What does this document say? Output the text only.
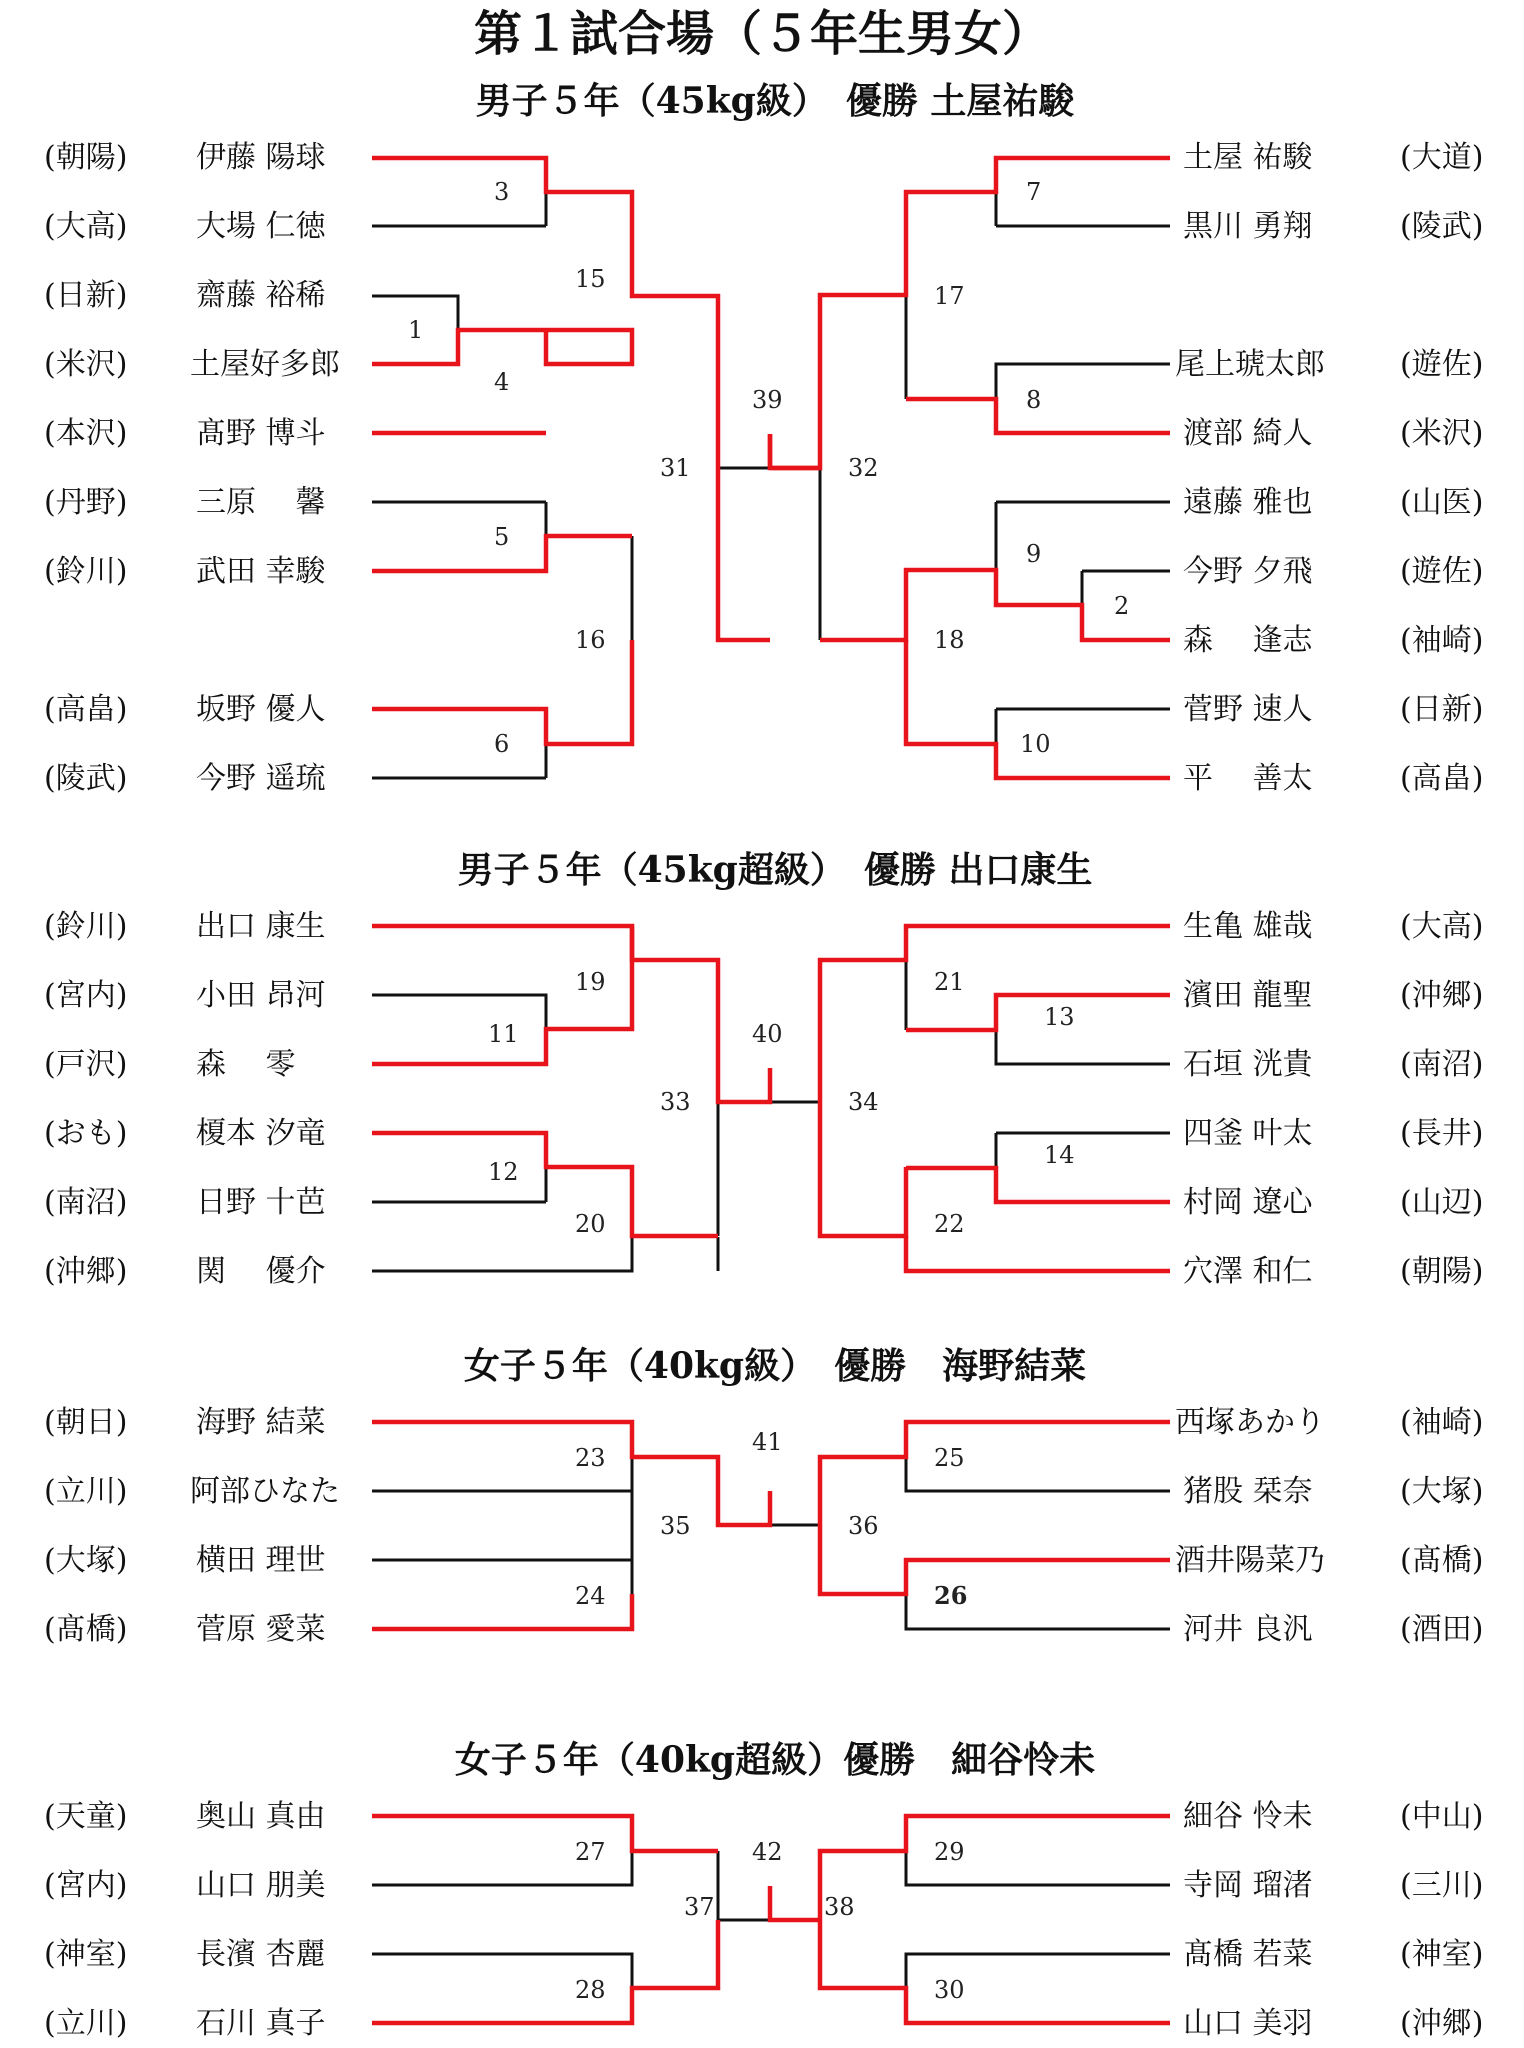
第１試合場（５年生男女）
男子５年（45kg級）　優勝 土屋祐駿
(朝陽) 伊藤 陽球
(大高) 大場 仁徳
(日新) 齋藤 裕稀
(米沢) 土屋好多郎
(本沢) 髙野 博斗
(丹野) 三原　 馨
(鈴川) 武田 幸駿
(高畠) 坂野 優人
(陵武) 今野 遥琉
土屋 祐駿	(大道)
黒川 勇翔	(陵武)
尾上琥太郎	(遊佐)
渡部 綺人	(米沢)
遠藤 雅也	(山医)
今野 夕飛	(遊佐)
森　 逢志	(袖崎)
菅野 速人	(日新)
平　 善太	(高畠)
3
15
1
4
5
16
6
31
39
32
7
17
8
9
2
18
10
男子５年（45kg超級）　優勝 出口康生
(鈴川) 出口 康生
(宮内) 小田 昂河
(戸沢) 森　 零
(おも) 榎本 汐竜
(南沼) 日野 十芭
(沖郷) 関　 優介
生亀 雄哉	(大高)
濱田 龍聖	(沖郷)
石垣 洸貴	(南沼)
四釜 叶太	(長井)
村岡 遼心	(山辺)
穴澤 和仁	(朝陽)
19
11
12
20
33
40
34
21
13
14
22
女子５年（40kg級）　優勝　海野結菜
(朝日) 海野 結菜
(立川) 阿部ひなた
(大塚) 横田 理世
(髙橋) 菅原 愛菜
西塚あかり	(袖崎)
猪股 栞奈	(大塚)
酒井陽菜乃	(髙橋)
河井 良汎	(酒田)
23
24
35
41
36
25
26
女子５年（40kg超級）優勝　細谷怜未
(天童) 奥山 真由
(宮内) 山口 朋美
(神室) 長濱 杏麗
(立川) 石川 真子
細谷 怜未	(中山)
寺岡 瑠渚	(三川)
髙橋 若菜	(神室)
山口 美羽	(沖郷)
27
28
37
42
38
29
30
